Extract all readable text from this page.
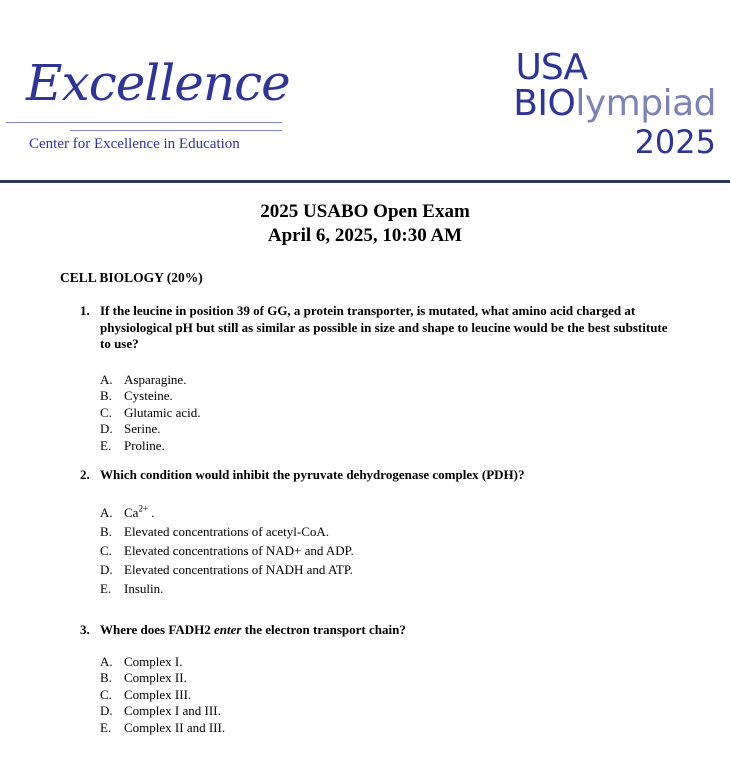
Excellence
Center for Excellence in Education
USA
BIOlympiad
2025
2025 USABO Open Exam
April 6, 2025, 10:30 AM
CELL BIOLOGY (20%)
1. If the leucine in position 39 of GG, a protein transporter, is mutated, what amino acid charged at physiological pH but still as similar as possible in size and shape to leucine would be the best substitute to use?
A. Asparagine.
B. Cysteine.
C. Glutamic acid.
D. Serine.
E. Proline.
2. Which condition would inhibit the pyruvate dehydrogenase complex (PDH)?
A. $Ca^{2+}$ .
B. Elevated concentrations of acetyl-CoA.
C. Elevated concentrations of NAD+ and ADP.
D. Elevated concentrations of NADH and ATP.
E. Insulin.
3. Where does FADH2 enter the electron transport chain?
A. Complex I.
B. Complex II.
C. Complex III.
D. Complex I and III.
E. Complex II and III.
